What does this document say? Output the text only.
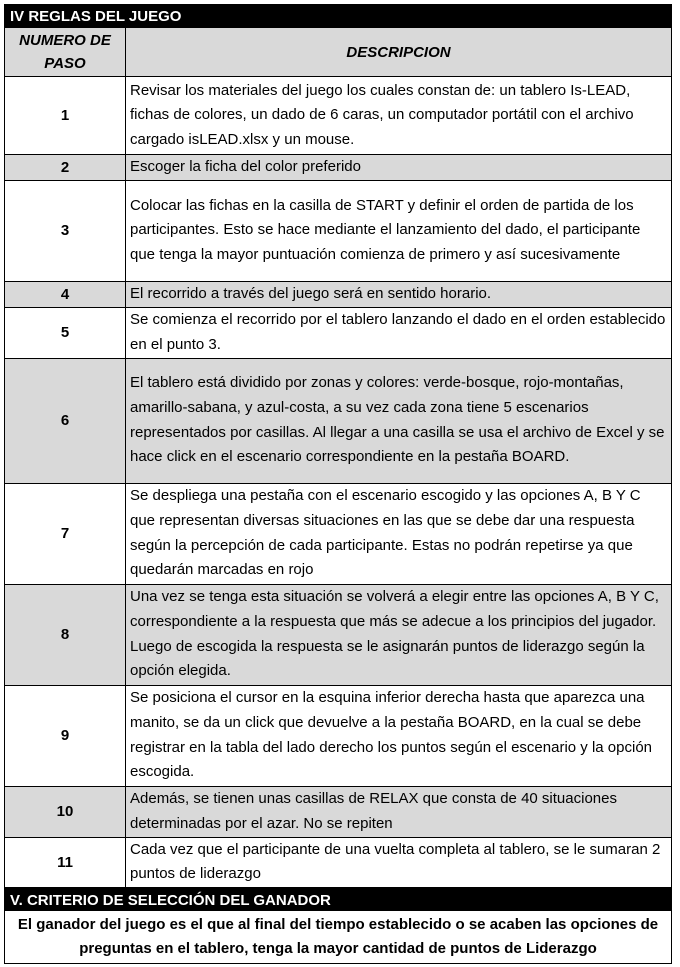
IV REGLAS DEL JUEGO
NUMERO DE PASO	DESCRIPCION
1	Revisar los materiales del juego los cuales constan de: un tablero Is-LEAD, fichas de colores, un dado de 6 caras, un computador portátil con el archivo cargado isLEAD.xlsx y un mouse.
2	Escoger la ficha del color preferido
3	Colocar las fichas en la casilla de START y definir el orden de partida de los participantes. Esto se hace mediante el lanzamiento del dado, el participante que tenga la mayor puntuación comienza de primero y así sucesivamente
4	El recorrido a través del juego será en sentido horario.
5	Se comienza el recorrido por el tablero lanzando el dado en el orden establecido en el punto 3.
6	El tablero está dividido por zonas y colores: verde-bosque, rojo-montañas, amarillo-sabana, y azul-costa, a su vez cada zona tiene 5 escenarios representados por casillas. Al llegar a una casilla se usa el archivo de Excel y se hace click en el escenario correspondiente en la pestaña BOARD.
7	Se despliega una pestaña con el escenario escogido y las opciones A, B Y C que representan diversas situaciones en las que se debe dar una respuesta según la percepción de cada participante. Estas no podrán repetirse ya que quedarán marcadas en rojo
8	Una vez se tenga esta situación se volverá a elegir entre las opciones A, B Y C, correspondiente a la respuesta que más se adecue a los principios del jugador. Luego de escogida la respuesta se le asignarán puntos de liderazgo según la opción elegida.
9	Se posiciona el cursor en la esquina inferior derecha hasta que aparezca una manito, se da un click que devuelve a la pestaña BOARD, en la cual se debe registrar en la tabla del lado derecho los puntos según el escenario y la opción escogida.
10	Además, se tienen unas casillas de RELAX que consta de 40 situaciones determinadas por el azar. No se repiten
11	Cada vez que el participante de una vuelta completa al tablero, se le sumaran 2 puntos de liderazgo
V. CRITERIO DE SELECCIÓN DEL GANADOR
El ganador del juego es el que al final del tiempo establecido o se acaben las opciones de preguntas en el tablero, tenga la mayor cantidad de puntos de Liderazgo
